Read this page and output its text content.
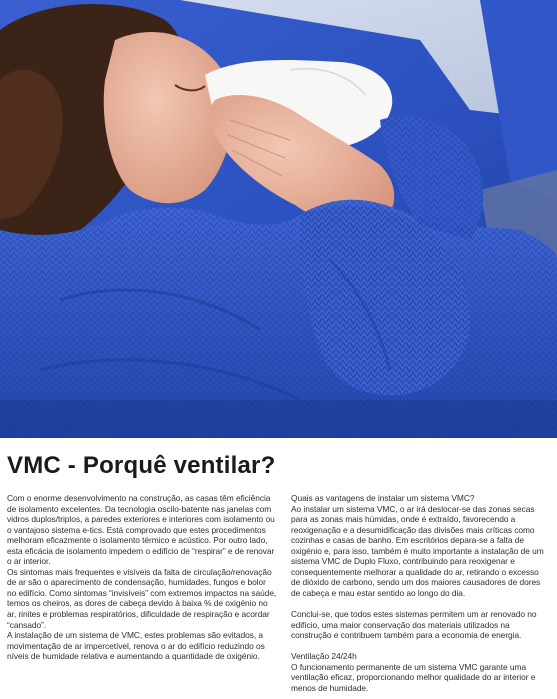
VMC - Porquê ventilar?

Com o enorme desenvolvimento na construção, as casas têm eficiência de isolamento excelentes. Da tecnologia oscilo-batente nas janelas com vidros duplos/triplos, a paredes exteriores e interiores com isolamento ou o vantajoso sistema e-tics. Está comprovado que estes procedimentos melhoram eficazmente o isolamento térmico e acústico. Por outro lado, esta eficácia de isolamento impedem o edifício de “respirar” e de renovar o ar interior.

Os sintomas mais frequentes e visíveis da falta de circulação/renovação de ar são o aparecimento de condensação, humidades, fungos e bolor no edifício. Como sintomas “invisíveis” com extremos impactos na saúde, temos os cheiros, as dores de cabeça devido à baixa % de oxigénio no ar, rinites e problemas respiratórios, dificuldade de respiração e acordar “cansado”.

A instalação de um sistema de VMC, estes problemas são evitados, a movimentação de ar impercetível, renova o ar do edifício reduzindo os níveis de humidade relativa e aumentando a quantidade de oxigénio.

Quais as vantagens de instalar um sistema VMC?

Ao instalar um sistema VMC, o ar irá deslocar-se das zonas secas para as zonas mais húmidas, onde é extraído, favorecendo a reoxigenação e a desumidificação das divisões mais críticas como cozinhas e casas de banho. Em escritórios depara-se a falta de oxigénio e, para isso, também é muito importante a instalação de um sistema VMC de Duplo Fluxo, contribuindo para reoxigenar e consequentemente melhorar a qualidade do ar, retirando o excesso de dióxido de carbono, sendo um dos maiores causadores de dores de cabeça e mau estar sentido ao longo do dia.

Conclui-se, que todos estes sistemas permitem um ar renovado no edifício, uma maior conservação dos materiais utilizados na construção e contribuem também para a economia de energia.

Ventilação 24/24h

O funcionamento permanente de um sistema VMC garante uma ventilação eficaz, proporcionando melhor qualidade do ar interior e menos de humidade.
